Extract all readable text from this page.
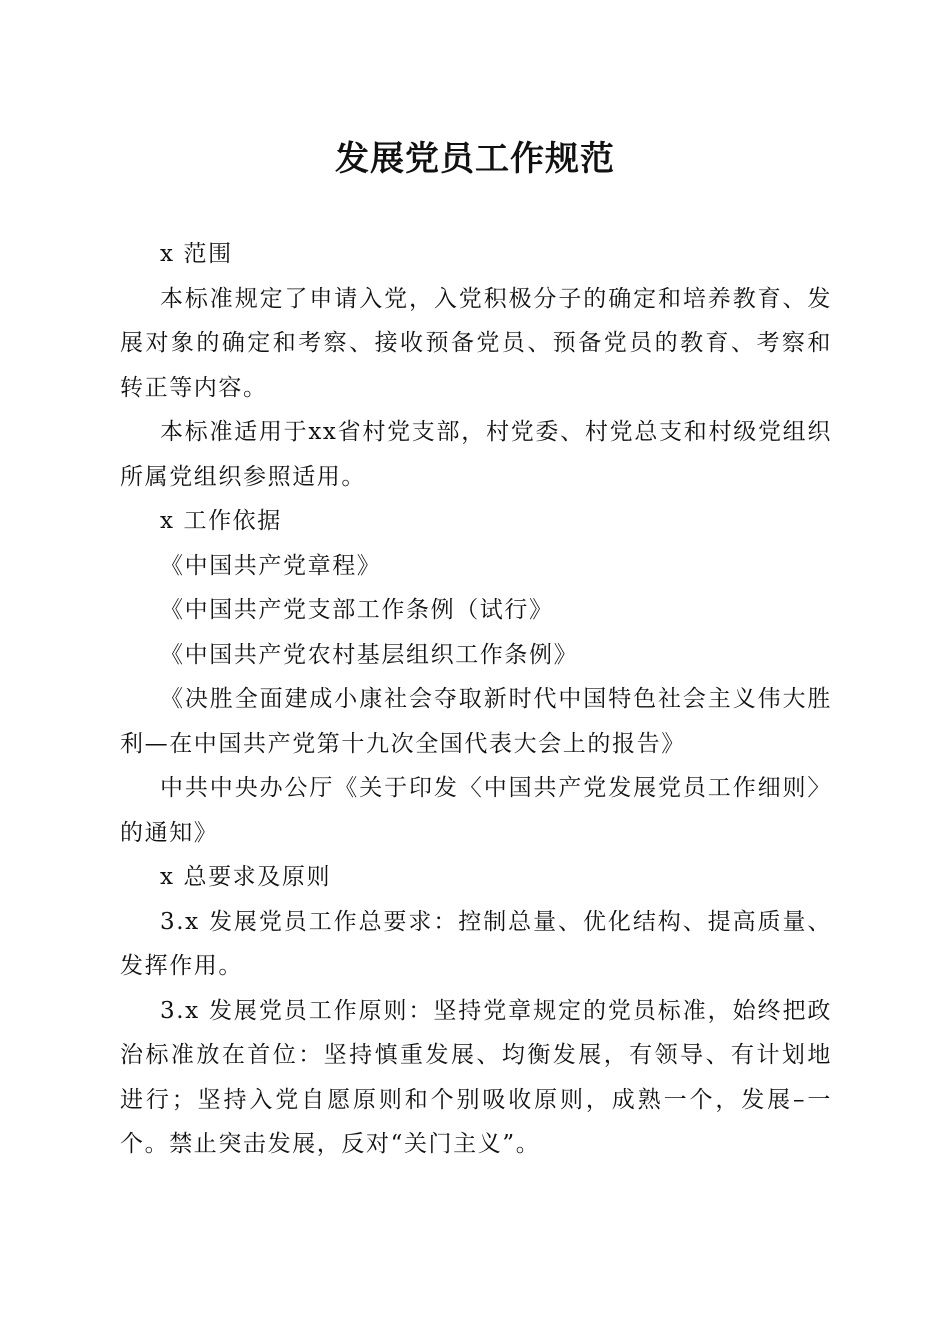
发展党员工作规范

x 范围

本标准规定了申请入党，入党积极分子的确定和培养教育、发展对象的确定和考察、接收预备党员、预备党员的教育、考察和转正等内容。

本标准适用于xx省村党支部，村党委、村党总支和村级党组织所属党组织参照适用。

x 工作依据

《中国共产党章程》

《中国共产党支部工作条例（试行》

《中国共产党农村基层组织工作条例》

《决胜全面建成小康社会夺取新时代中国特色社会主义伟大胜利—在中国共产党第十九次全国代表大会上的报告》

中共中央办公厅《关于印发〈中国共产党发展党员工作细则〉的通知》

x 总要求及原则

3.x 发展党员工作总要求：控制总量、优化结构、提高质量、发挥作用。

3.x 发展党员工作原则：坚持党章规定的党员标准，始终把政治标准放在首位：坚持慎重发展、均衡发展，有领导、有计划地进行；坚持入党自愿原则和个别吸收原则，成熟一个，发展–一个。禁止突击发展，反对“关门主义”。
